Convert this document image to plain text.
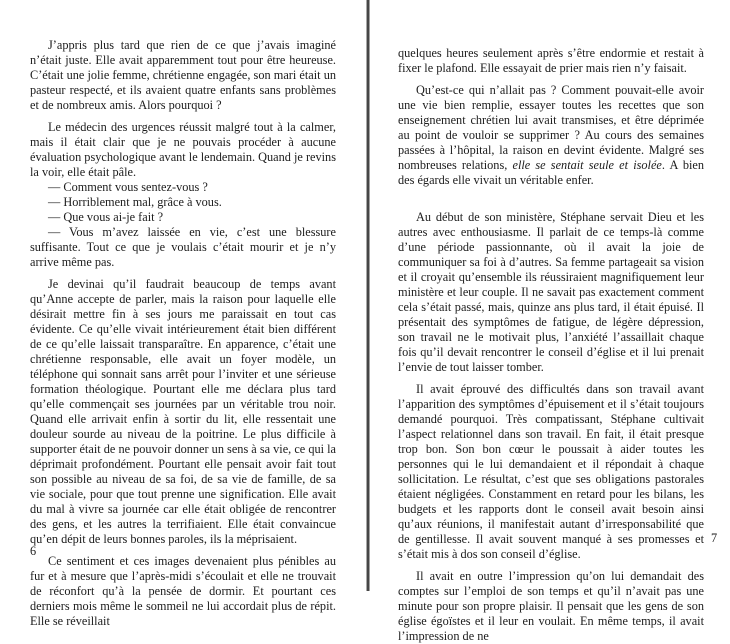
J’appris plus tard que rien de ce que j’avais imaginé n’était juste. Elle avait apparemment tout pour être heureuse. C’était une jolie femme, chrétienne engagée, son mari était un pasteur respecté, et ils avaient quatre enfants sans problèmes et de nombreux amis. Alors pourquoi ?

Le médecin des urgences réussit malgré tout à la calmer, mais il était clair que je ne pouvais procéder à aucune évaluation psychologique avant le lendemain. Quand je revins la voir, elle était pâle.

— Comment vous sentez-vous ?

— Horriblement mal, grâce à vous.

— Que vous ai-je fait ?

— Vous m’avez laissée en vie, c’est une blessure suffisante. Tout ce que je voulais c’était mourir et je n’y arrive même pas.

Je devinai qu’il faudrait beaucoup de temps avant qu’Anne accepte de parler, mais la raison pour laquelle elle désirait mettre fin à ses jours me paraissait en tout cas évidente. Ce qu’elle vivait intérieurement était bien différent de ce qu’elle laissait transparaître. En apparence, c’était une chrétienne responsable, elle avait un foyer modèle, un téléphone qui sonnait sans arrêt pour l’inviter et une sérieuse formation théologique. Pourtant elle me déclara plus tard qu’elle commençait ses journées par un véritable trou noir. Quand elle arrivait enfin à sortir du lit, elle ressentait une douleur sourde au niveau de la poitrine. Le plus difficile à supporter était de ne pouvoir donner un sens à sa vie, ce qui la déprimait profondément. Pourtant elle pensait avoir fait tout son possible au niveau de sa foi, de sa vie de famille, de sa vie sociale, pour que tout prenne une signification. Elle avait du mal à vivre sa journée car elle était obligée de rencontrer des gens, et les autres la terrifiaient. Elle était convaincue qu’en dépit de leurs bonnes paroles, ils la méprisaient.

Ce sentiment et ces images devenaient plus pénibles au fur et à mesure que l’après-midi s’écoulait et elle ne trouvait de réconfort qu’à la pensée de dormir. Et pourtant ces derniers mois même le sommeil ne lui accordait plus de répit. Elle se réveillait

6

quelques heures seulement après s’être endormie et restait à fixer le plafond. Elle essayait de prier mais rien n’y faisait.

Qu’est-ce qui n’allait pas ? Comment pouvait-elle avoir une vie bien remplie, essayer toutes les recettes que son enseignement chrétien lui avait transmises, et être déprimée au point de vouloir se supprimer ? Au cours des semaines passées à l’hôpital, la raison en devint évidente. Malgré ses nombreuses relations, elle se sentait seule et isolée. A bien des égards elle vivait un véritable enfer.

Au début de son ministère, Stéphane servait Dieu et les autres avec enthousiasme. Il parlait de ce temps-là comme d’une période passionnante, où il avait la joie de communiquer sa foi à d’autres. Sa femme partageait sa vision et il croyait qu’ensemble ils réussiraient magnifiquement leur ministère et leur couple. Il ne savait pas exactement comment cela s’était passé, mais, quinze ans plus tard, il était épuisé. Il présentait des symptômes de fatigue, de légère dépression, son travail ne le motivait plus, l’anxiété l’assaillait chaque fois qu’il devait rencontrer le conseil d’église et il lui prenait l’envie de tout laisser tomber.

Il avait éprouvé des difficultés dans son travail avant l’apparition des symptômes d’épuisement et il s’était toujours demandé pourquoi. Très compatissant, Stéphane cultivait l’aspect relationnel dans son travail. En fait, il était presque trop bon. Son bon cœur le poussait à aider toutes les personnes qui le lui demandaient et il répondait à chaque sollicitation. Le résultat, c’est que ses obligations pastorales étaient négligées. Constamment en retard pour les bilans, les budgets et les rapports dont le conseil avait besoin ainsi qu’aux réunions, il manifestait autant d’irresponsabilité que de gentillesse. Il avait souvent manqué à ses promesses et s’était mis à dos son conseil d’église.

Il avait en outre l’impression qu’on lui demandait des comptes sur l’emploi de son temps et qu’il n’avait pas une minute pour son propre plaisir. Il pensait que les gens de son église égoïstes et il leur en voulait. En même temps, il avait l’impression de ne

7
